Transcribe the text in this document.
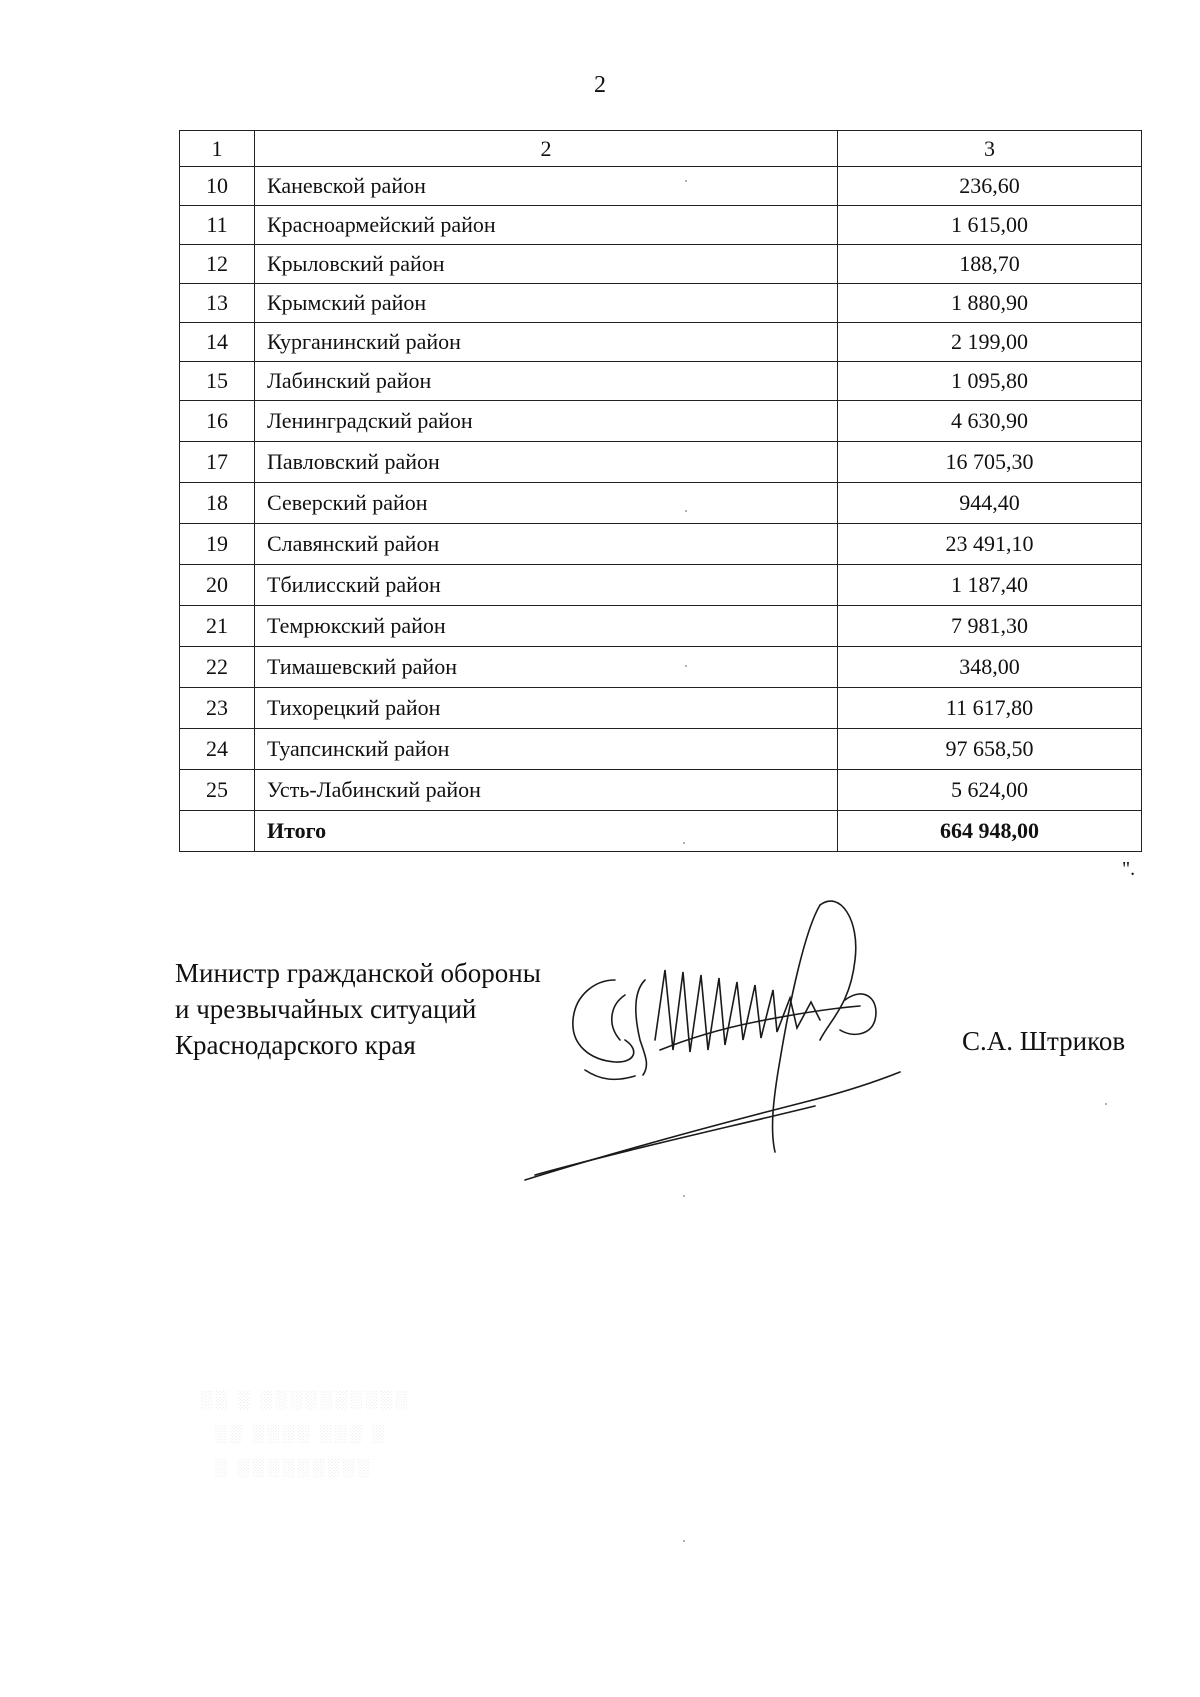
2
1	2	3
10	Каневской район	236,60
11	Красноармейский район	1 615,00
12	Крыловский район	188,70
13	Крымский район	1 880,90
14	Курганинский район	2 199,00
15	Лабинский район	1 095,80
16	Ленинградский район	4 630,90
17	Павловский район	16 705,30
18	Северский район	944,40
19	Славянский район	23 491,10
20	Тбилисский район	1 187,40
21	Темрюкский район	7 981,30
22	Тимашевский район	348,00
23	Тихорецкий район	11 617,80
24	Туапсинский район	97 658,50
25	Усть-Лабинский район	5 624,00
	Итого	664 948,00
".
Министр гражданской обороны
и чрезвычайных ситуаций
Краснодарского края	С.А. Штриков
░░ ░ ░░░░░░░░░░
░░ ░░░░ ░░░ ░
░ ░░░░░░░░░
